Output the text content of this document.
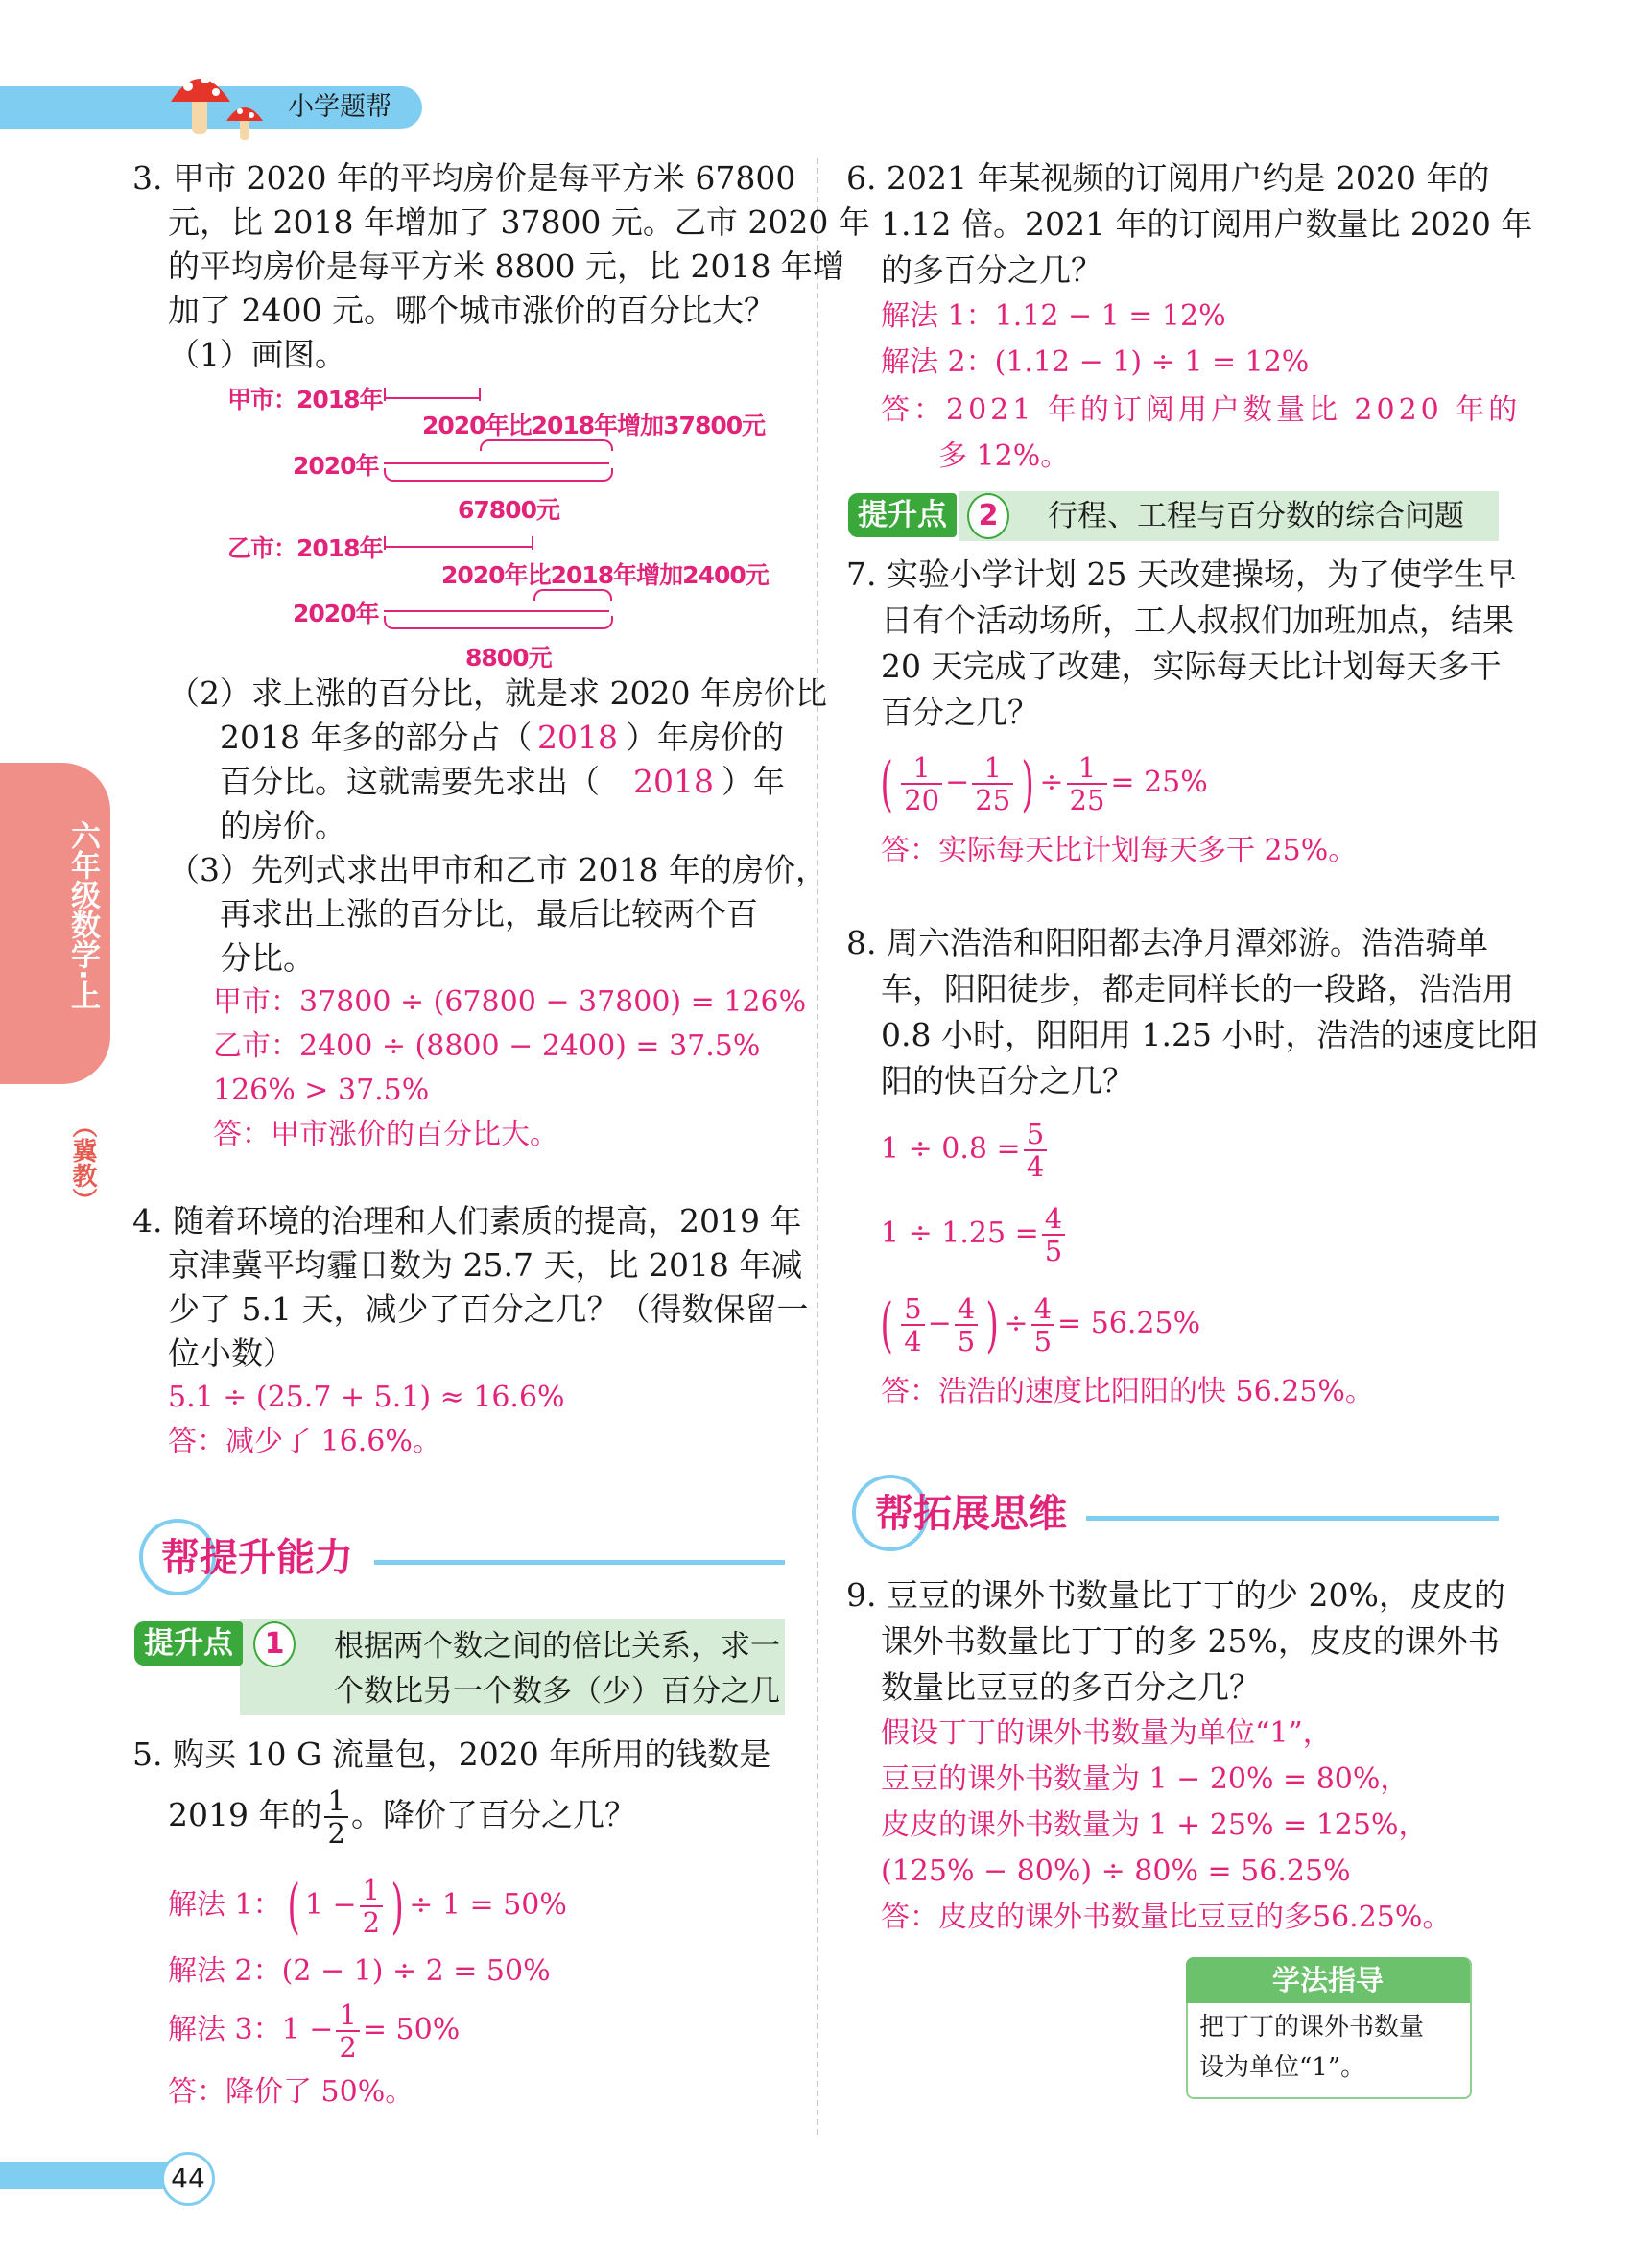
小学题帮
六年级数学·上
（冀教）
3. 甲市 2020 年的平均房价是每平方米 67800
元，比 2018 年增加了 37800 元。乙市 2020 年
的平均房价是每平方米 8800 元，比 2018 年增
加了 2400 元。哪个城市涨价的百分比大？
（1）画图。
甲市：2018年
2020年比2018年增加37800元
2020年
67800元
乙市：2018年
2020年比2018年增加2400元
2020年
8800元
（2）求上涨的百分比，就是求 2020 年房价比
2018 年多的部分占（ 2018 ）年房价的
百分比。这就需要先求出（ 2018 ）年
的房价。
（3）先列式求出甲市和乙市 2018 年的房价，
再求出上涨的百分比，最后比较两个百
分比。
甲市：37800 ÷ (67800 − 37800) = 126%
乙市：2400 ÷ (8800 − 2400) = 37.5%
126% > 37.5%
答：甲市涨价的百分比大。
4. 随着环境的治理和人们素质的提高，2019 年
京津冀平均霾日数为 25.7 天，比 2018 年减
少了 5.1 天，减少了百分之几？（得数保留一
位小数）
5.1 ÷ (25.7 + 5.1) ≈ 16.6%
答：减少了 16.6%。
帮提升能力
提升点	1	根据两个数之间的倍比关系，求一
个数比另一个数多（少）百分之几
5. 购买 10 G 流量包，2020 年所用的钱数是
2019 年的 $\frac{1}{2}$ 。降价了百分之几？
解法 1：( $1 - \frac{1}{2}$ ) ÷ 1 = 50%
解法 2：(2 − 1) ÷ 2 = 50%
解法 3：$1 - \frac{1}{2} = 50\%$
答：降价了 50%。
44
6. 2021 年某视频的订阅用户约是 2020 年的
1.12 倍。2021 年的订阅用户数量比 2020 年
的多百分之几？
解法 1：1.12 − 1 = 12%
解法 2：(1.12 − 1) ÷ 1 = 12%
答：2021 年的订阅用户数量比 2020 年的
多 12%。
提升点	2	行程、工程与百分数的综合问题
7. 实验小学计划 25 天改建操场，为了使学生早
日有个活动场所，工人叔叔们加班加点，结果
20 天完成了改建，实际每天比计划每天多干
百分之几？
( $\frac{1}{20} - \frac{1}{25}$ ) ÷ $\frac{1}{25} = 25\%$
答：实际每天比计划每天多干 25%。
8. 周六浩浩和阳阳都去净月潭郊游。浩浩骑单
车，阳阳徒步，都走同样长的一段路，浩浩用
0.8 小时，阳阳用 1.25 小时，浩浩的速度比阳
阳的快百分之几？
$1 \div 0.8 = \frac{5}{4}$
$1 \div 1.25 = \frac{4}{5}$
( $\frac{5}{4} - \frac{4}{5}$ ) ÷ $\frac{4}{5} = 56.25\%$
答：浩浩的速度比阳阳的快 56.25%。
帮拓展思维
9. 豆豆的课外书数量比丁丁的少 20%，皮皮的
课外书数量比丁丁的多 25%，皮皮的课外书
数量比豆豆的多百分之几？
假设丁丁的课外书数量为单位“1”，
豆豆的课外书数量为 1 − 20% = 80%，
皮皮的课外书数量为 1 + 25% = 125%，
(125% − 80%) ÷ 80% = 56.25%
答：皮皮的课外书数量比豆豆的多56.25%。
学法指导
把丁丁的课外书数量
设为单位“1”。
